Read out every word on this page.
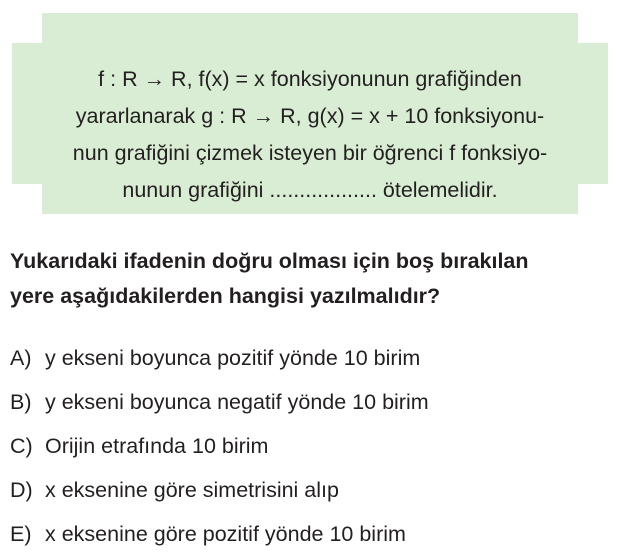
f : R → R, f(x) = x fonksiyonunun grafiğinden
yararlanarak g : R → R, g(x) = x + 10 fonksiyonu-
nun grafiğini çizmek isteyen bir öğrenci f fonksiyo-
nunun grafiğini .................. ötelemelidir.
Yukarıdaki ifadenin doğru olması için boş bırakılan
yere aşağıdakilerden hangisi yazılmalıdır?
A) y ekseni boyunca pozitif yönde 10 birim
B) y ekseni boyunca negatif yönde 10 birim
C) Orijin etrafında 10 birim
D) x eksenine göre simetrisini alıp
E) x eksenine göre pozitif yönde 10 birim
